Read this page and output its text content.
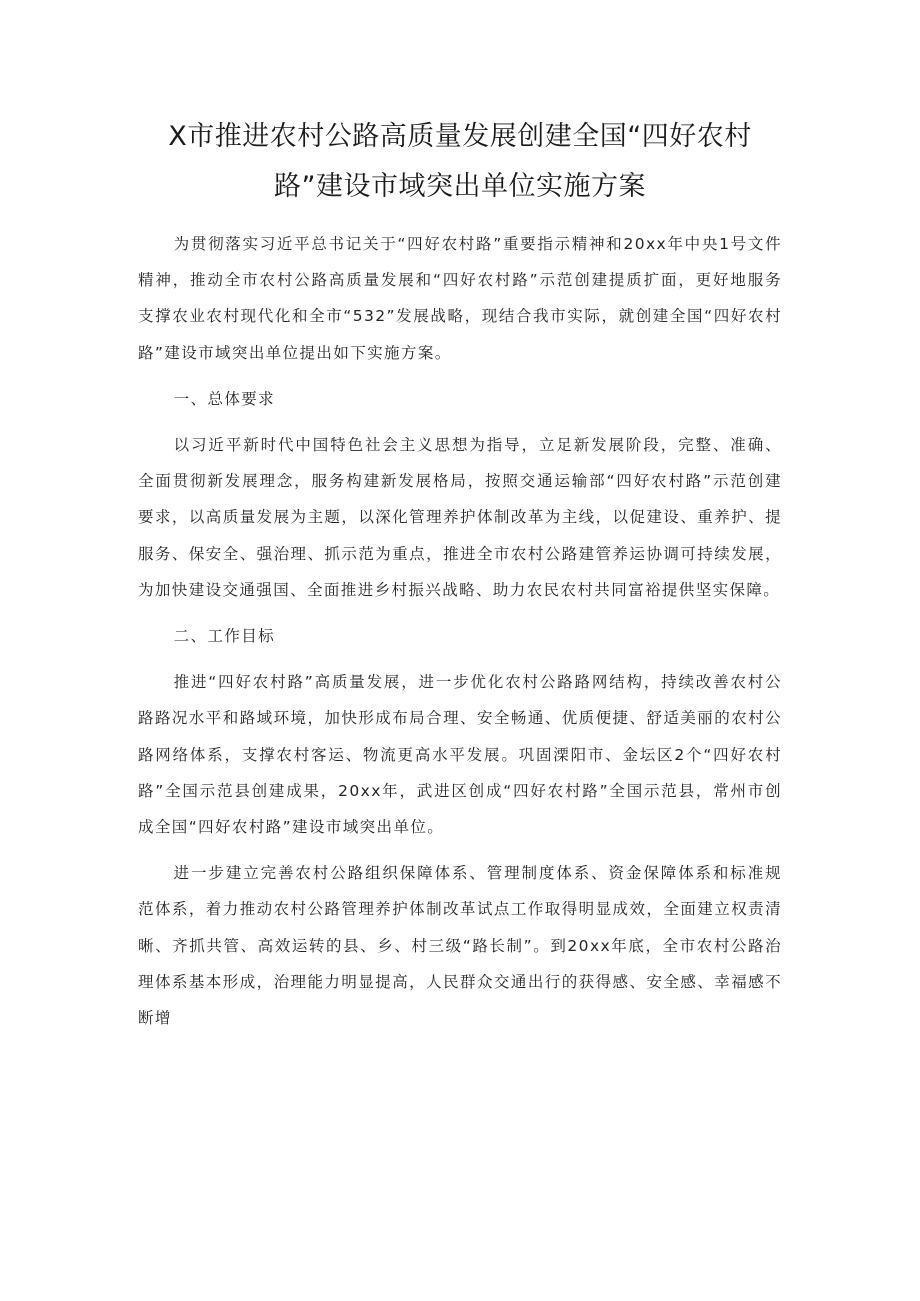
X市推进农村公路高质量发展创建全国“四好农村
路”建设市域突出单位实施方案

为贯彻落实习近平总书记关于“四好农村路”重要指示精神和20xx年中央1号文件精神，推动全市农村公路高质量发展和“四好农村路”示范创建提质扩面，更好地服务支撑农业农村现代化和全市“532”发展战略，现结合我市实际，就创建全国“四好农村路”建设市域突出单位提出如下实施方案。

一、总体要求

以习近平新时代中国特色社会主义思想为指导，立足新发展阶段，完整、准确、全面贯彻新发展理念，服务构建新发展格局，按照交通运输部“四好农村路”示范创建要求，以高质量发展为主题，以深化管理养护体制改革为主线，以促建设、重养护、提服务、保安全、强治理、抓示范为重点，推进全市农村公路建管养运协调可持续发展，为加快建设交通强国、全面推进乡村振兴战略、助力农民农村共同富裕提供坚实保障。

二、工作目标

推进“四好农村路”高质量发展，进一步优化农村公路路网结构，持续改善农村公路路况水平和路域环境，加快形成布局合理、安全畅通、优质便捷、舒适美丽的农村公路网络体系，支撑农村客运、物流更高水平发展。巩固溧阳市、金坛区2个“四好农村路”全国示范县创建成果，20xx年，武进区创成“四好农村路”全国示范县，常州市创成全国“四好农村路”建设市域突出单位。

进一步建立完善农村公路组织保障体系、管理制度体系、资金保障体系和标准规范体系，着力推动农村公路管理养护体制改革试点工作取得明显成效，全面建立权责清晰、齐抓共管、高效运转的县、乡、村三级“路长制”。到20xx年底，全市农村公路治理体系基本形成，治理能力明显提高，人民群众交通出行的获得感、安全感、幸福感不断增
